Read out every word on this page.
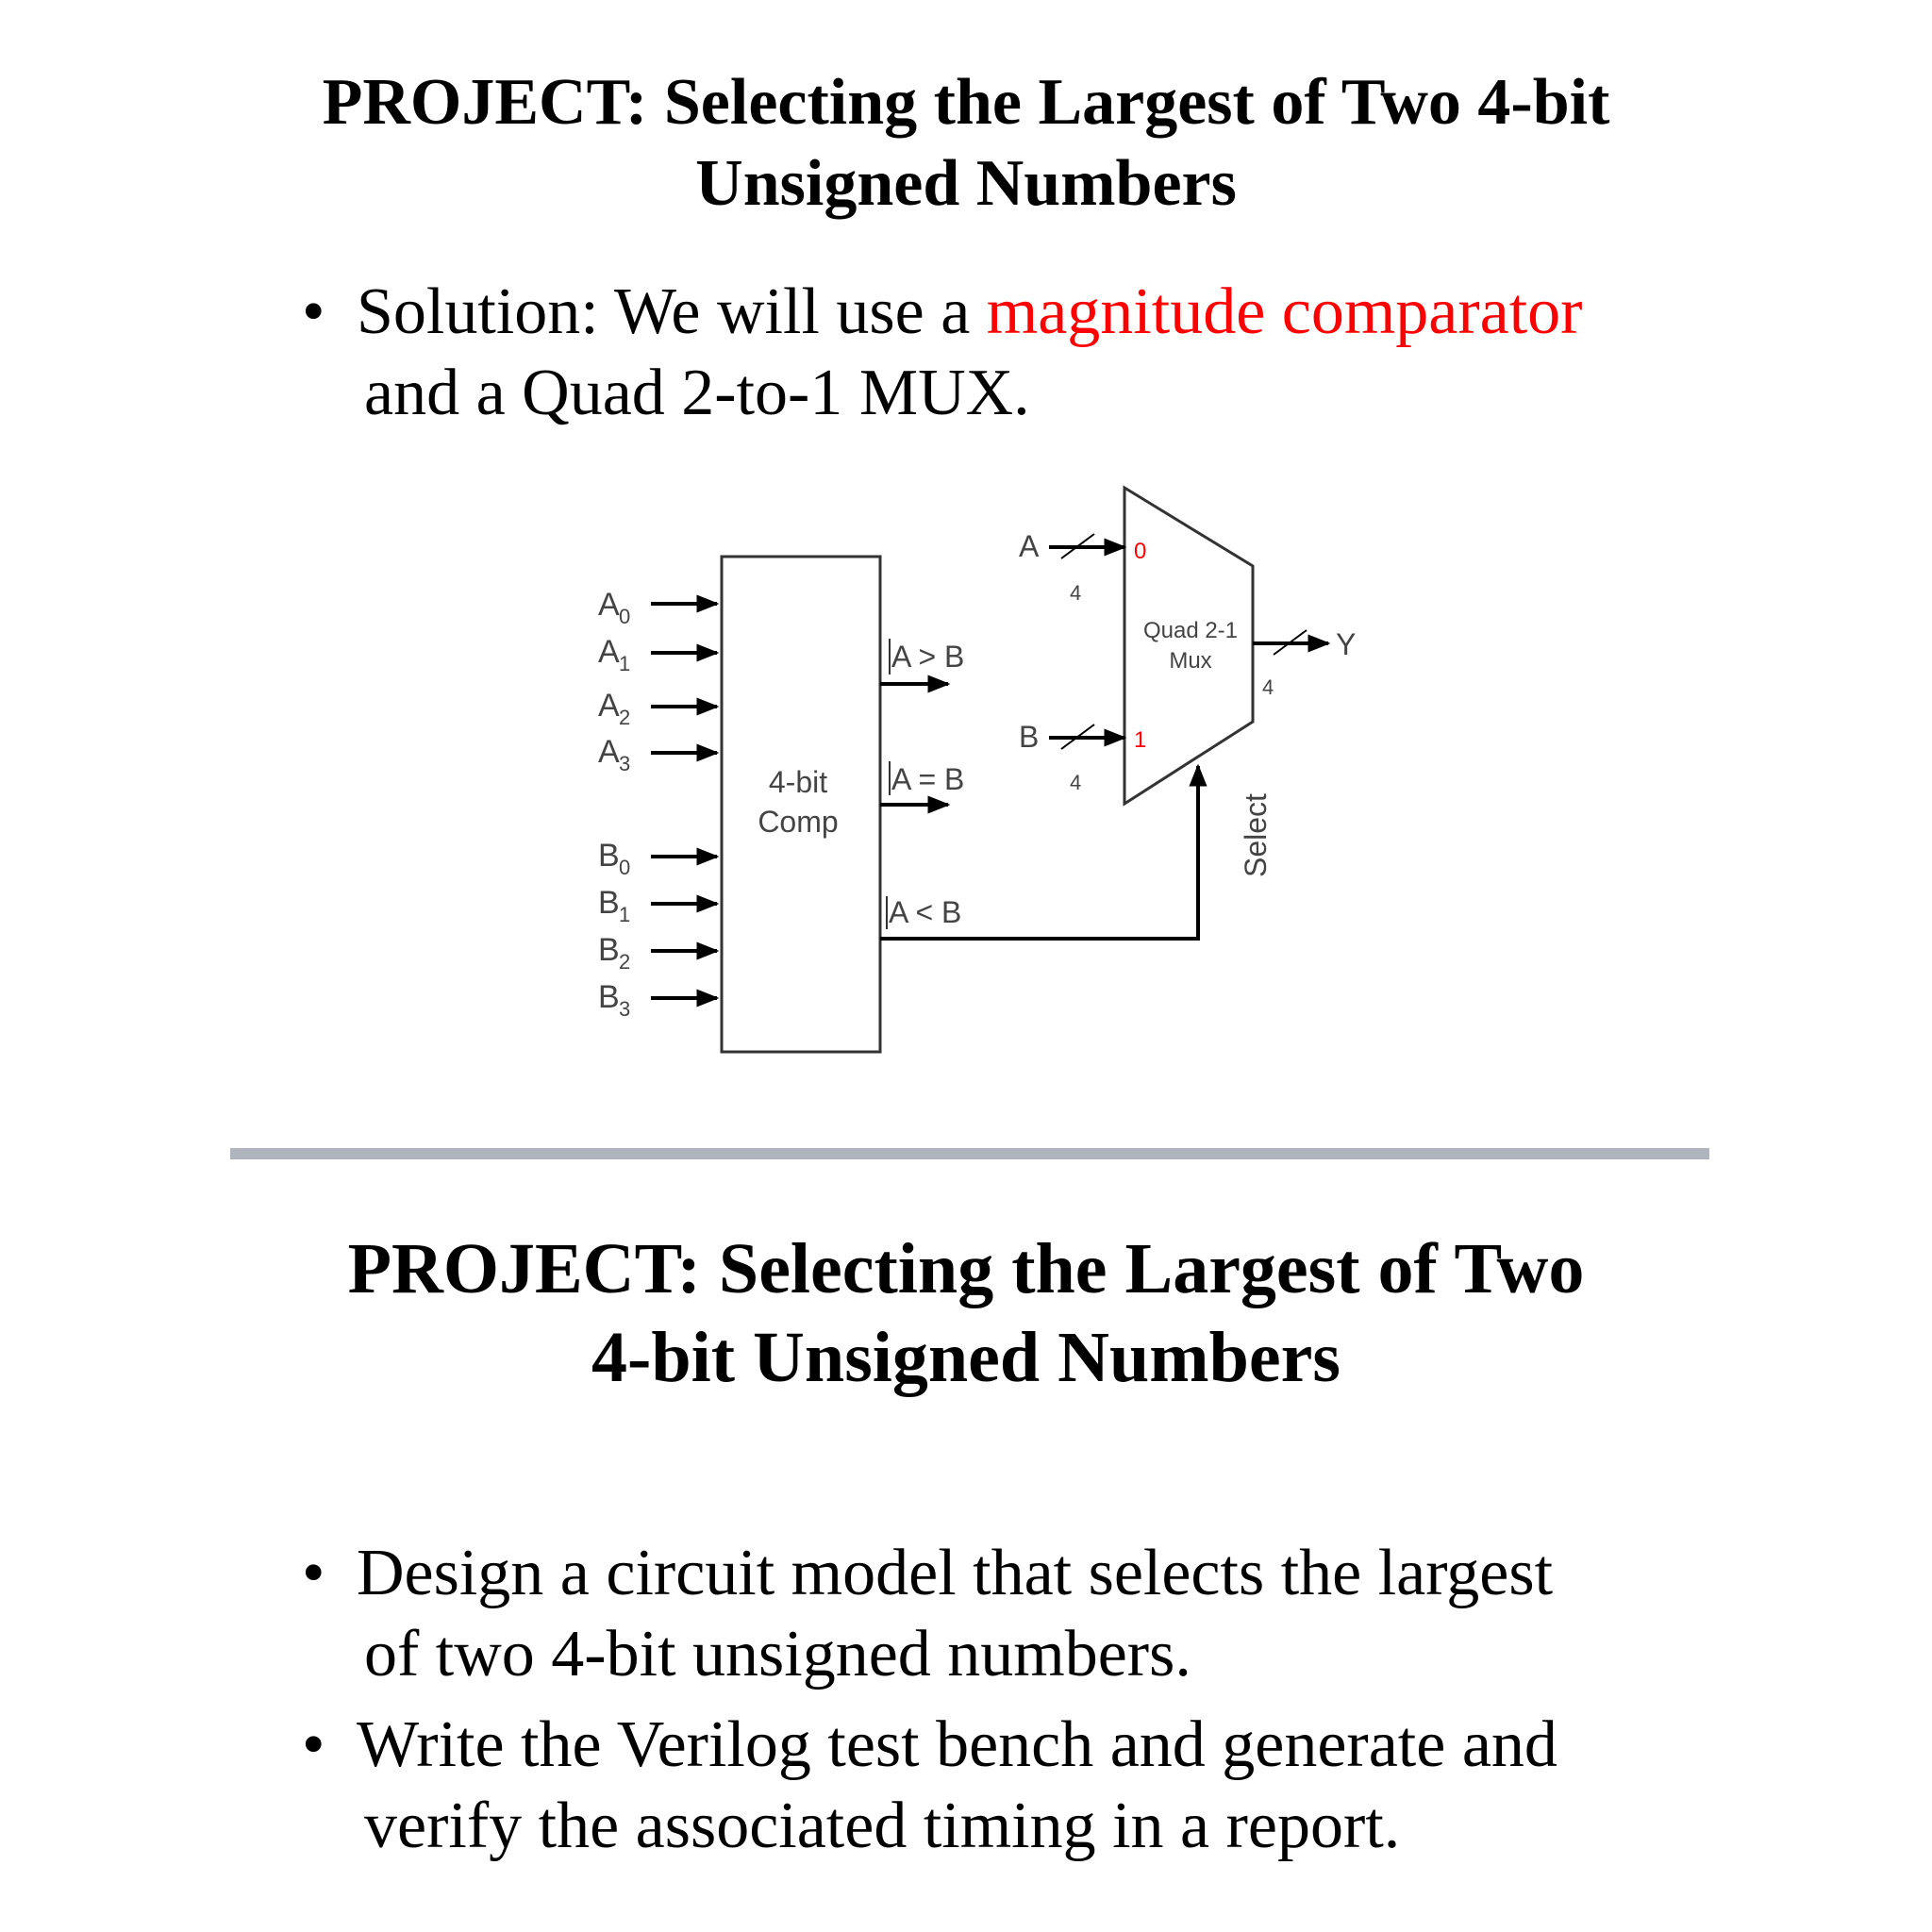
PROJECT: Selecting the Largest of Two 4-bit
Unsigned Numbers
• Solution: We will use a magnitude comparator
and a Quad 2-to-1 MUX.
A 0
A 1
A 2
A 3
B 0
B 1
B 2
B 3
4-bit
Comp
A > B
A = B
A < B
Quad 2-1
Mux
A
4
0
B
4
1
Y
4
Select
PROJECT: Selecting the Largest of Two
4-bit Unsigned Numbers
• Design a circuit model that selects the largest
of two 4-bit unsigned numbers.
• Write the Verilog test bench and generate and
verify the associated timing in a report.
